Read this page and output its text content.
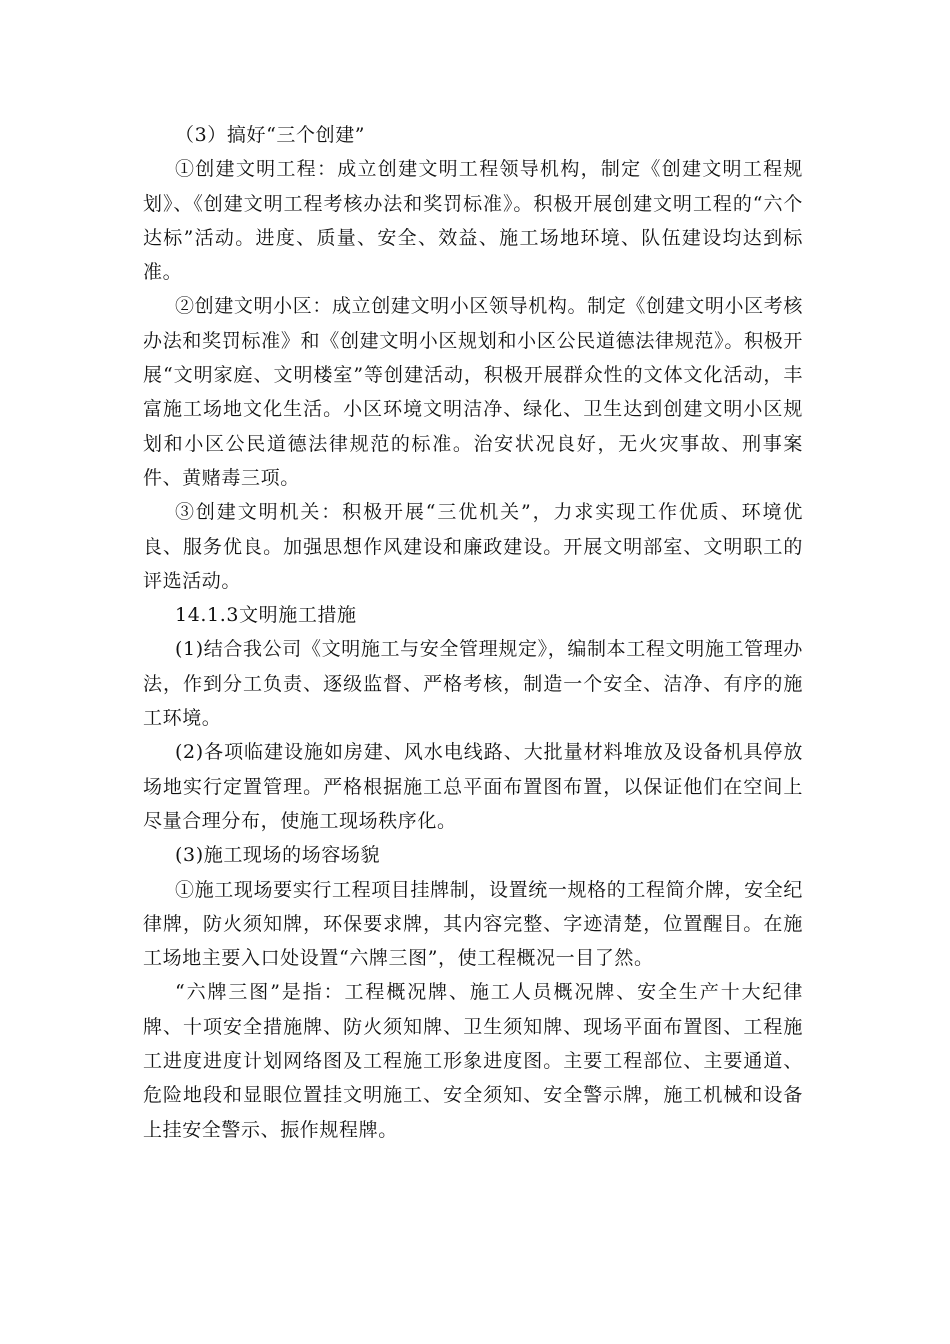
（3）搞好“三个创建”

①创建文明工程：成立创建文明工程领导机构，制定《创建文明工程规划》、《创建文明工程考核办法和奖罚标准》。积极开展创建文明工程的“六个达标”活动。进度、质量、安全、效益、施工场地环境、队伍建设均达到标准。

②创建文明小区：成立创建文明小区领导机构。制定《创建文明小区考核办法和奖罚标准》和《创建文明小区规划和小区公民道德法律规范》。积极开展“文明家庭、文明楼室”等创建活动，积极开展群众性的文体文化活动，丰富施工场地文化生活。小区环境文明洁净、绿化、卫生达到创建文明小区规划和小区公民道德法律规范的标准。治安状况良好，无火灾事故、刑事案件、黄赌毒三项。

③创建文明机关：积极开展“三优机关”，力求实现工作优质、环境优良、服务优良。加强思想作风建设和廉政建设。开展文明部室、文明职工的评选活动。

14.1.3文明施工措施

(1)结合我公司《文明施工与安全管理规定》，编制本工程文明施工管理办法，作到分工负责、逐级监督、严格考核，制造一个安全、洁净、有序的施工环境。

(2)各项临建设施如房建、风水电线路、大批量材料堆放及设备机具停放场地实行定置管理。严格根据施工总平面布置图布置，以保证他们在空间上尽量合理分布，使施工现场秩序化。

(3)施工现场的场容场貌

①施工现场要实行工程项目挂牌制，设置统一规格的工程简介牌，安全纪律牌，防火须知牌，环保要求牌，其内容完整、字迹清楚，位置醒目。在施工场地主要入口处设置“六牌三图”，使工程概况一目了然。

“六牌三图”是指：工程概况牌、施工人员概况牌、安全生产十大纪律牌、十项安全措施牌、防火须知牌、卫生须知牌、现场平面布置图、工程施工进度进度计划网络图及工程施工形象进度图。主要工程部位、主要通道、危险地段和显眼位置挂文明施工、安全须知、安全警示牌，施工机械和设备上挂安全警示、振作规程牌。
